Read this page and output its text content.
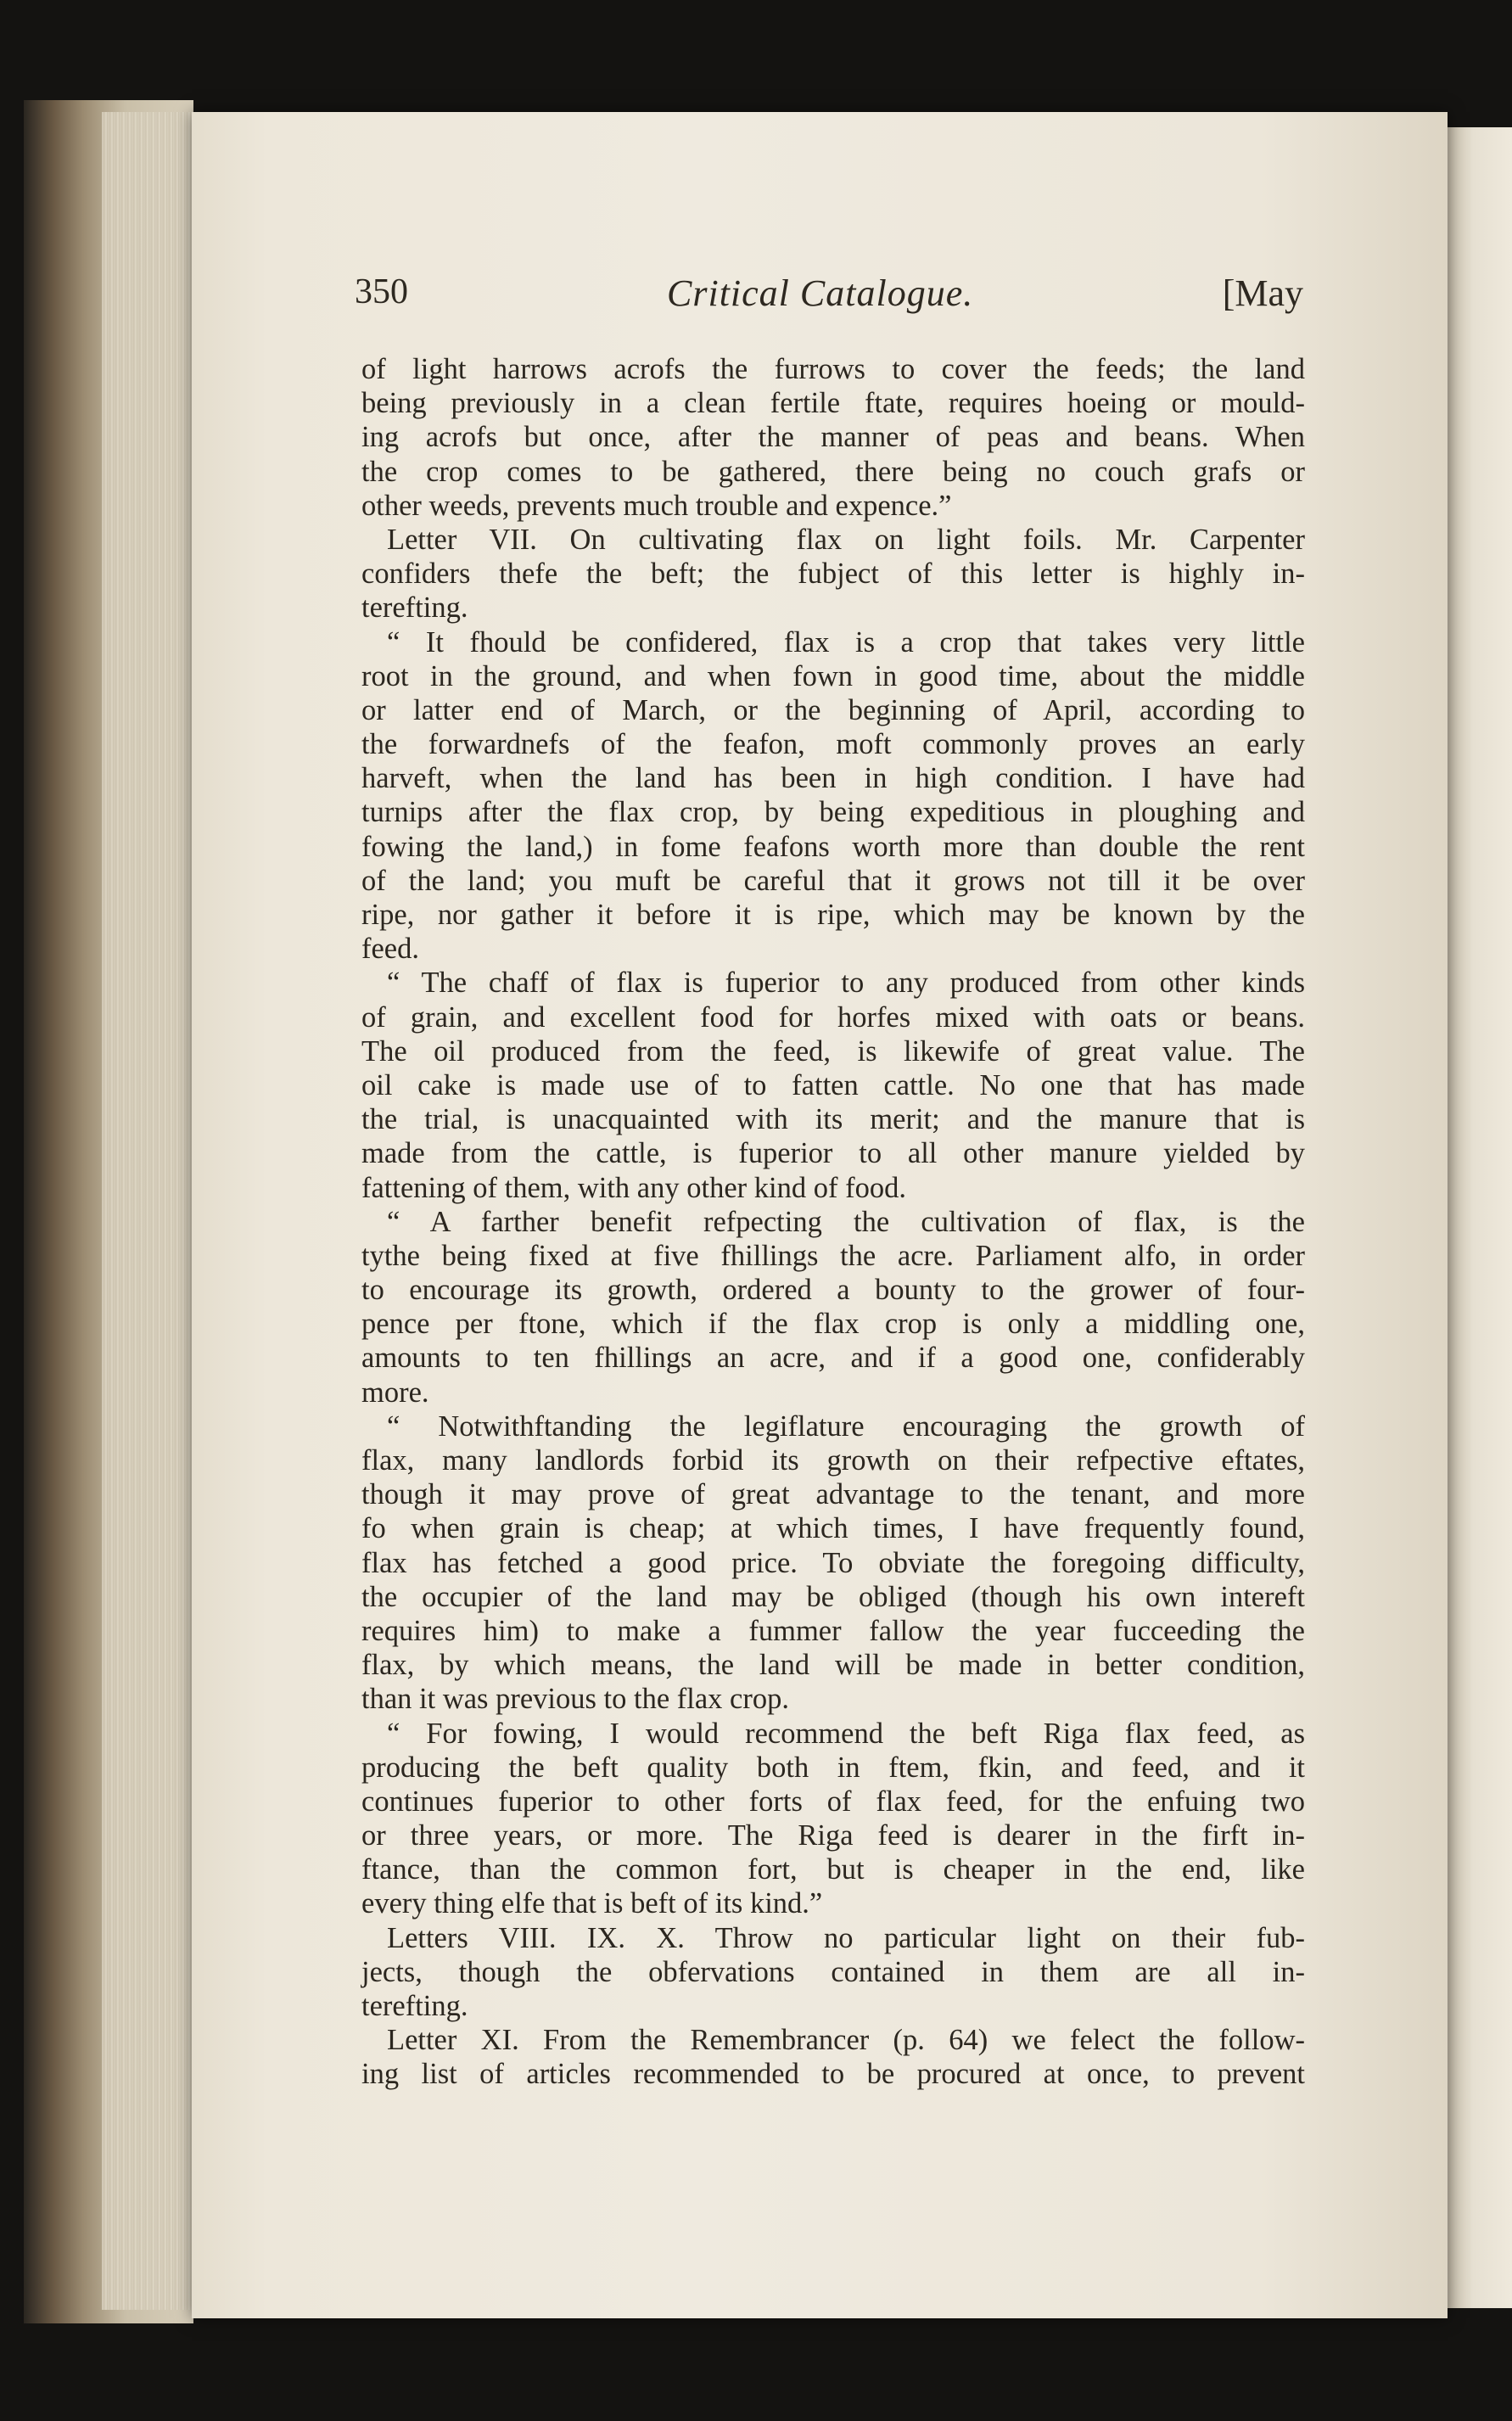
350	Critical Catalogue.	[May
of light harrows acrofs the furrows to cover the feeds; the land
being previously in a clean fertile ftate, requires hoeing or mould-
ing acrofs but once, after the manner of peas and beans. When
the crop comes to be gathered, there being no couch grafs or
other weeds, prevents much trouble and expence.”
Letter VII. On cultivating flax on light foils. Mr. Carpenter
confiders thefe the beft; the fubject of this letter is highly in-
terefting.
“ It fhould be confidered, flax is a crop that takes very little
root in the ground, and when fown in good time, about the middle
or latter end of March, or the beginning of April, according to
the forwardnefs of the feafon, moft commonly proves an early
harveft, when the land has been in high condition. I have had
turnips after the flax crop, by being expeditious in ploughing and
fowing the land,) in fome feafons worth more than double the rent
of the land; you muft be careful that it grows not till it be over
ripe, nor gather it before it is ripe, which may be known by the
feed.
“ The chaff of flax is fuperior to any produced from other kinds
of grain, and excellent food for horfes mixed with oats or beans.
The oil produced from the feed, is likewife of great value. The
oil cake is made use of to fatten cattle. No one that has made
the trial, is unacquainted with its merit; and the manure that is
made from the cattle, is fuperior to all other manure yielded by
fattening of them, with any other kind of food.
“ A farther benefit refpecting the cultivation of flax, is the
tythe being fixed at five fhillings the acre. Parliament alfo, in order
to encourage its growth, ordered a bounty to the grower of four-
pence per ftone, which if the flax crop is only a middling one,
amounts to ten fhillings an acre, and if a good one, confiderably
more.
“ Notwithftanding the legiflature encouraging the growth of
flax, many landlords forbid its growth on their refpective eftates,
though it may prove of great advantage to the tenant, and more
fo when grain is cheap; at which times, I have frequently found,
flax has fetched a good price. To obviate the foregoing difficulty,
the occupier of the land may be obliged (though his own intereft
requires him) to make a fummer fallow the year fucceeding the
flax, by which means, the land will be made in better condition,
than it was previous to the flax crop.
“ For fowing, I would recommend the beft Riga flax feed, as
producing the beft quality both in ftem, fkin, and feed, and it
continues fuperior to other forts of flax feed, for the enfuing two
or three years, or more. The Riga feed is dearer in the firft in-
ftance, than the common fort, but is cheaper in the end, like
every thing elfe that is beft of its kind.”
Letters VIII. IX. X. Throw no particular light on their fub-
jects, though the obfervations contained in them are all in-
terefting.
Letter XI. From the Remembrancer (p. 64) we felect the follow-
ing list of articles recommended to be procured at once, to prevent
